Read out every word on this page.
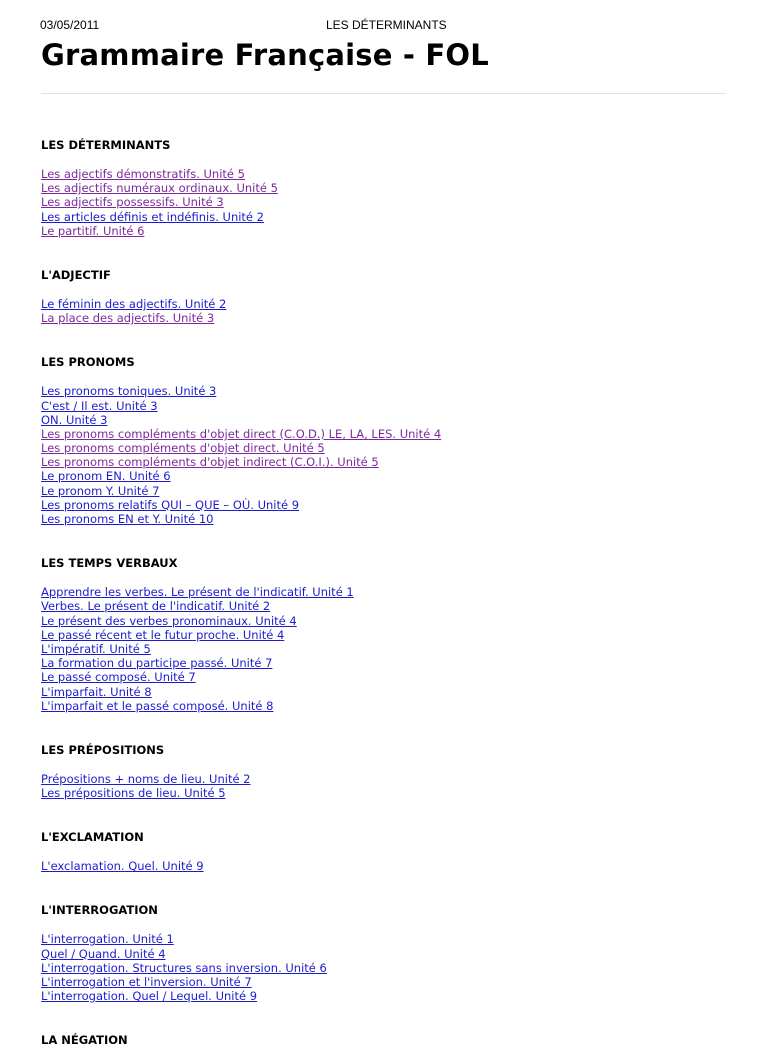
03/05/2011	LES DÉTERMINANTS
Grammaire Française - FOL
LES DÉTERMINANTS
Les adjectifs démonstratifs. Unité 5
Les adjectifs numéraux ordinaux. Unité 5
Les adjectifs possessifs. Unité 3
Les articles définis et indéfinis. Unité 2
Le partitif. Unité 6
L'ADJECTIF
Le féminin des adjectifs. Unité 2
La place des adjectifs. Unité 3
LES PRONOMS
Les pronoms toniques. Unité 3
C'est / Il est. Unité 3
ON. Unité 3
Les pronoms compléments d'objet direct (C.O.D.) LE, LA, LES. Unité 4
Les pronoms compléments d'objet direct. Unité 5
Les pronoms compléments d'objet indirect (C.O.I.). Unité 5
Le pronom EN. Unité 6
Le pronom Y. Unité 7
Les pronoms relatifs QUI – QUE – OÙ. Unité 9
Les pronoms EN et Y. Unité 10
LES TEMPS VERBAUX
Apprendre les verbes. Le présent de l'indicatif. Unité 1
Verbes. Le présent de l'indicatif. Unité 2
Le présent des verbes pronominaux. Unité 4
Le passé récent et le futur proche. Unité 4
L'impératif. Unité 5
La formation du participe passé. Unité 7
Le passé composé. Unité 7
L'imparfait. Unité 8
L'imparfait et le passé composé. Unité 8
LES PRÉPOSITIONS
Prépositions + noms de lieu. Unité 2
Les prépositions de lieu. Unité 5
L'EXCLAMATION
L'exclamation. Quel. Unité 9
L'INTERROGATION
L'interrogation. Unité 1
Quel / Quand. Unité 4
L'interrogation. Structures sans inversion. Unité 6
L'interrogation et l'inversion. Unité 7
L'interrogation. Quel / Lequel. Unité 9
LA NÉGATION
